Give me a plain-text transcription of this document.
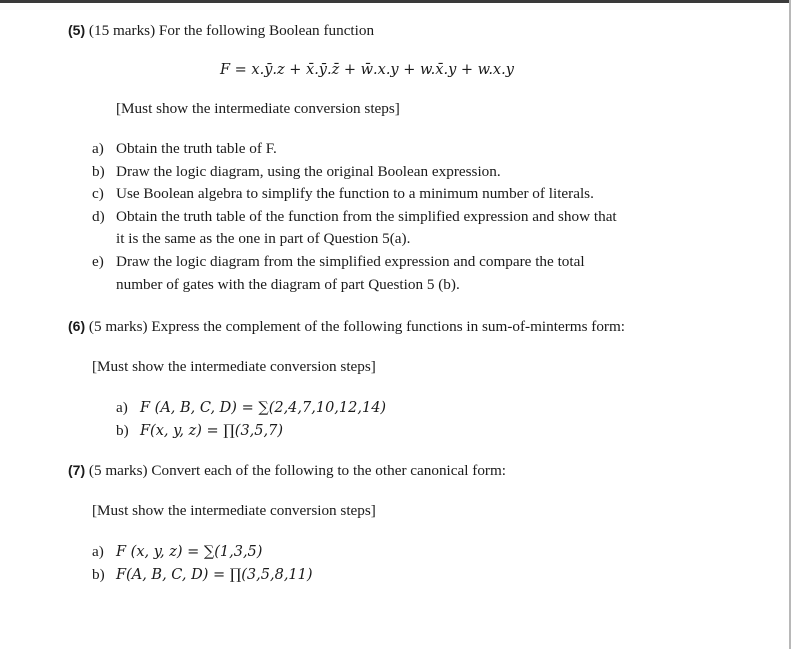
(5) (15 marks) For the following Boolean function
F = x.ȳ.z + x̄.ȳ.z̄ + w̄.x.y + w.x̄.y + w.x.y
[Must show the intermediate conversion steps]
a) Obtain the truth table of F.
b) Draw the logic diagram, using the original Boolean expression.
c) Use Boolean algebra to simplify the function to a minimum number of literals.
d) Obtain the truth table of the function from the simplified expression and show that
it is the same as the one in part of Question 5(a).
e) Draw the logic diagram from the simplified expression and compare the total
number of gates with the diagram of part Question 5 (b).
(6) (5 marks) Express the complement of the following functions in sum-of-minterms form:
[Must show the intermediate conversion steps]
a) F (A, B, C, D) = ∑(2,4,7,10,12,14)
b) F(x, y, z) = ∏(3,5,7)
(7) (5 marks) Convert each of the following to the other canonical form:
[Must show the intermediate conversion steps]
a) F (x, y, z) = ∑(1,3,5)
b) F(A, B, C, D) = ∏(3,5,8,11)
